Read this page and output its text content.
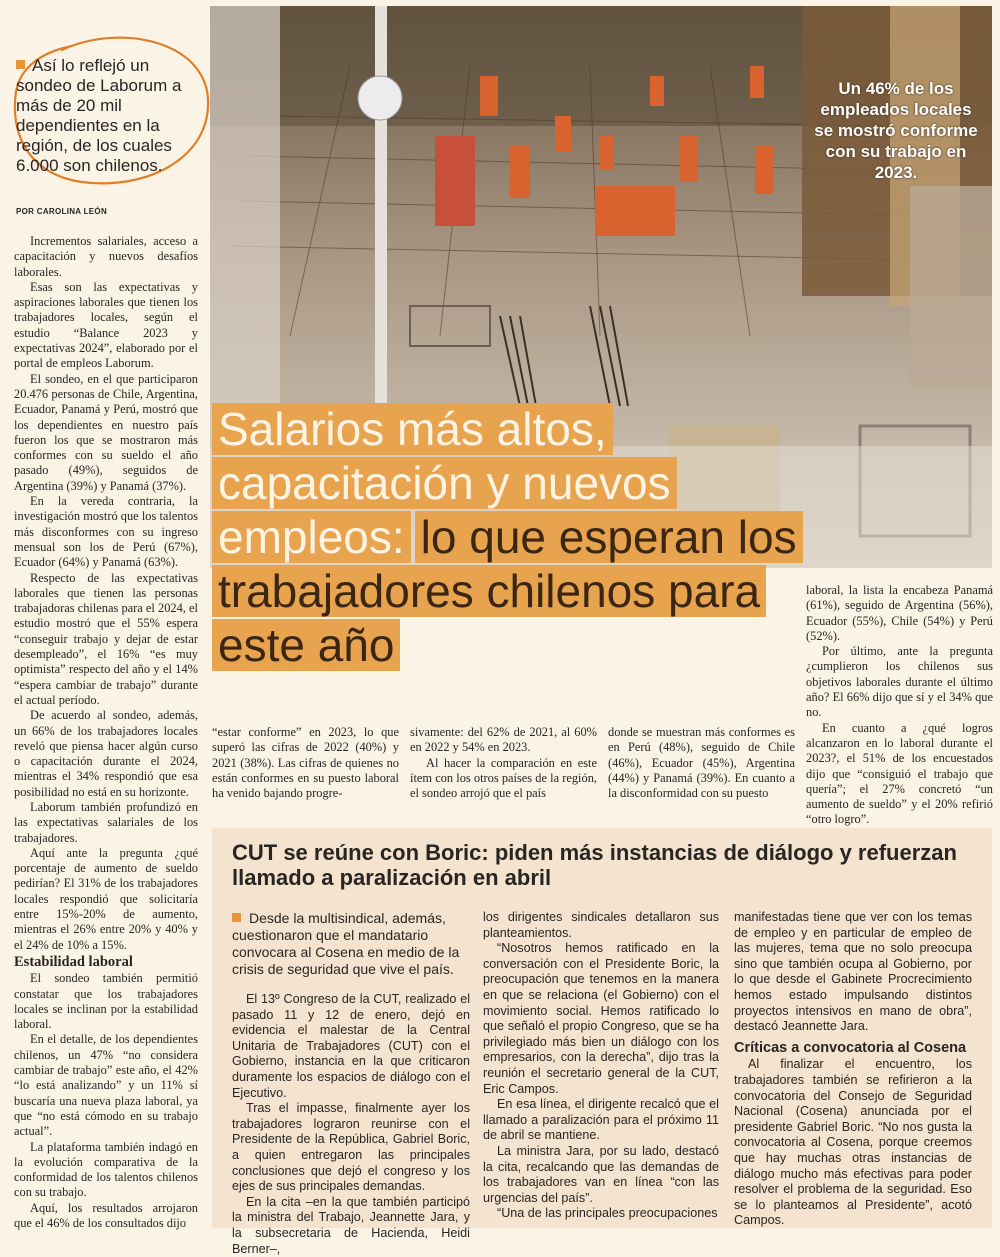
Así lo reflejó un sondeo de Laborum a más de 20 mil dependientes en la región, de los cuales 6.000 son chilenos.
POR CAROLINA LEÓN

Incrementos salariales, acceso a capacitación y nuevos desafíos laborales.

Esas son las expectativas y aspiraciones laborales que tienen los trabajadores locales, según el estudio “Balance 2023 y expectativas 2024”, elaborado por el portal de empleos Laborum.

El sondeo, en el que participaron 20.476 personas de Chile, Argentina, Ecuador, Panamá y Perú, mostró que los dependientes en nuestro país fueron los que se mostraron más conformes con su sueldo el año pasado (49%), seguidos de Argentina (39%) y Panamá (37%).

En la vereda contraria, la investigación mostró que los talentos más disconformes con su ingreso mensual son los de Perú (67%), Ecuador (64%) y Panamá (63%).

Respecto de las expectativas laborales que tienen las personas trabajadoras chilenas para el 2024, el estudio mostró que el 55% espera “conseguir trabajo y dejar de estar desempleado”, el 16% “es muy optimista” respecto del año y el 14% “espera cambiar de trabajo” durante el actual período.

De acuerdo al sondeo, además, un 66% de los trabajadores locales reveló que piensa hacer algún curso o capacitación durante el 2024, mientras el 34% respondió que esa posibilidad no está en su horizonte.

Laborum también profundizó en las expectativas salariales de los trabajadores.

Aquí ante la pregunta ¿qué porcentaje de aumento de sueldo pedirían? El 31% de los trabajadores locales respondió que solicitaría entre 15%-20% de aumento, mientras el 26% entre 20% y 40% y el 24% de 10% a 15%.

Estabilidad laboral

El sondeo también permitió constatar que los trabajadores locales se inclinan por la estabilidad laboral.

En el detalle, de los dependientes chilenos, un 47% “no considera cambiar de trabajo” este año, el 42% “lo está analizando” y un 11% sí buscaría una nueva plaza laboral, ya que “no está cómodo en su trabajo actual”.

La plataforma también indagó en la evolución comparativa de la conformidad de los talentos chilenos con su trabajo.

Aquí, los resultados arrojaron que el 46% de los consultados dijo

Un 46% de los empleados locales se mostró conforme con su trabajo en 2023.
Salarios más altos, capacitación y nuevos empleos: lo que esperan los trabajadores chilenos para este año

“estar conforme” en 2023, lo que superó las cifras de 2022 (40%) y 2021 (38%). Las cifras de quienes no están conformes en su puesto laboral ha venido bajando progre-

sivamente: del 62% de 2021, al 60% en 2022 y 54% en 2023.

Al hacer la comparación en este ítem con los otros países de la región, el sondeo arrojó que el país

donde se muestran más conformes es en Perú (48%), seguido de Chile (46%), Ecuador (45%), Argentina (44%) y Panamá (39%). En cuanto a la disconformidad con su puesto

laboral, la lista la encabeza Panamá (61%), seguido de Argentina (56%), Ecuador (55%), Chile (54%) y Perú (52%).

Por último, ante la pregunta ¿cumplieron los chilenos sus objetivos laborales durante el último año? El 66% dijo que sí y el 34% que no.

En cuanto a ¿qué logros alcanzaron en lo laboral durante el 2023?, el 51% de los encuestados dijo que “consiguió el trabajo que quería”; el 27% concretó “un aumento de sueldo” y el 20% refirió “otro logro”.

CUT se reúne con Boric: piden más instancias de diálogo y refuerzan llamado a paralización en abril
Desde la multisindical, además, cuestionaron que el mandatario convocara al Cosena en medio de la crisis de seguridad que vive el país.

El 13º Congreso de la CUT, realizado el pasado 11 y 12 de enero, dejó en evidencia el malestar de la Central Unitaria de Trabajadores (CUT) con el Gobierno, instancia en la que criticaron duramente los espacios de diálogo con el Ejecutivo.

Tras el impasse, finalmente ayer los trabajadores lograron reunirse con el Presidente de la República, Gabriel Boric, a quien entregaron las principales conclusiones que dejó el congreso y los ejes de sus principales demandas.

En la cita –en la que también participó la ministra del Trabajo, Jeannette Jara, y la subsecretaria de Hacienda, Heidi Berner–,

los dirigentes sindicales detallaron sus planteamientos.

“Nosotros hemos ratificado en la conversación con el Presidente Boric, la preocupación que tenemos en la manera en que se relaciona (el Gobierno) con el movimiento social. Hemos ratificado lo que señaló el propio Congreso, que se ha privilegiado más bien un diálogo con los empresarios, con la derecha”, dijo tras la reunión el secretario general de la CUT, Eric Campos.

En esa línea, el dirigente recalcó que el llamado a paralización para el próximo 11 de abril se mantiene.

La ministra Jara, por su lado, destacó la cita, recalcando que las demandas de los trabajadores van en línea “con las urgencias del país”.

“Una de las principales preocupaciones

manifestadas tiene que ver con los temas de empleo y en particular de empleo de las mujeres, tema que no solo preocupa sino que también ocupa al Gobierno, por lo que desde el Gabinete Procrecimiento hemos estado impulsando distintos proyectos intensivos en mano de obra”, destacó Jeannette Jara.

Críticas a convocatoria al Cosena

Al finalizar el encuentro, los trabajadores también se refirieron a la convocatoria del Consejo de Seguridad Nacional (Cosena) anunciada por el presidente Gabriel Boric. “No nos gusta la convocatoria al Cosena, porque creemos que hay muchas otras instancias de diálogo mucho más efectivas para poder resolver el problema de la seguridad. Eso se lo planteamos al Presidente”, acotó Campos.
